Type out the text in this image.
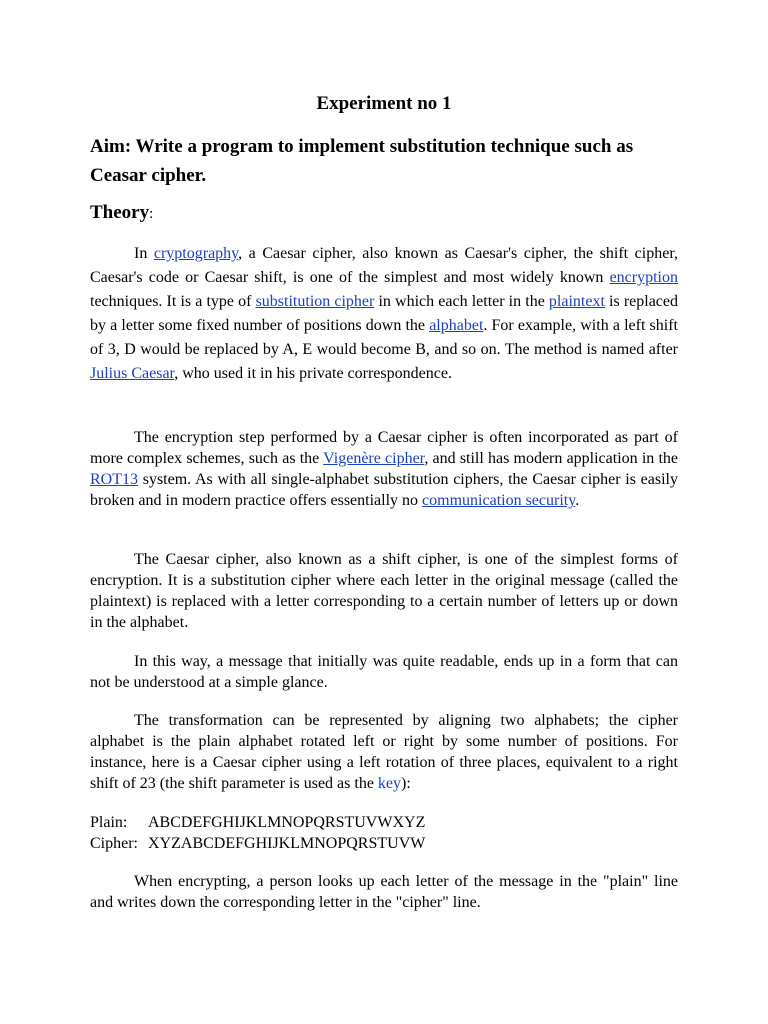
Experiment no 1
Aim: Write a program to implement substitution technique such as Ceasar cipher.
Theory:

In cryptography, a Caesar cipher, also known as Caesar's cipher, the shift cipher, Caesar's code or Caesar shift, is one of the simplest and most widely known encryption techniques. It is a type of substitution cipher in which each letter in the plaintext is replaced by a letter some fixed number of positions down the alphabet. For example, with a left shift of 3, D would be replaced by A, E would become B, and so on. The method is named after Julius Caesar, who used it in his private correspondence.

The encryption step performed by a Caesar cipher is often incorporated as part of more complex schemes, such as the Vigenère cipher, and still has modern application in the ROT13 system. As with all single-alphabet substitution ciphers, the Caesar cipher is easily broken and in modern practice offers essentially no communication security.

The Caesar cipher, also known as a shift cipher, is one of the simplest forms of encryption. It is a substitution cipher where each letter in the original message (called the plaintext) is replaced with a letter corresponding to a certain number of letters up or down in the alphabet.

In this way, a message that initially was quite readable, ends up in a form that can not be understood at a simple glance.

The transformation can be represented by aligning two alphabets; the cipher alphabet is the plain alphabet rotated left or right by some number of positions. For instance, here is a Caesar cipher using a left rotation of three places, equivalent to a right shift of 23 (the shift parameter is used as the key):

Plain: ABCDEFGHIJKLMNOPQRSTUVWXYZ
Cipher: XYZABCDEFGHIJKLMNOPQRSTUVW

When encrypting, a person looks up each letter of the message in the "plain" line and writes down the corresponding letter in the "cipher" line.
